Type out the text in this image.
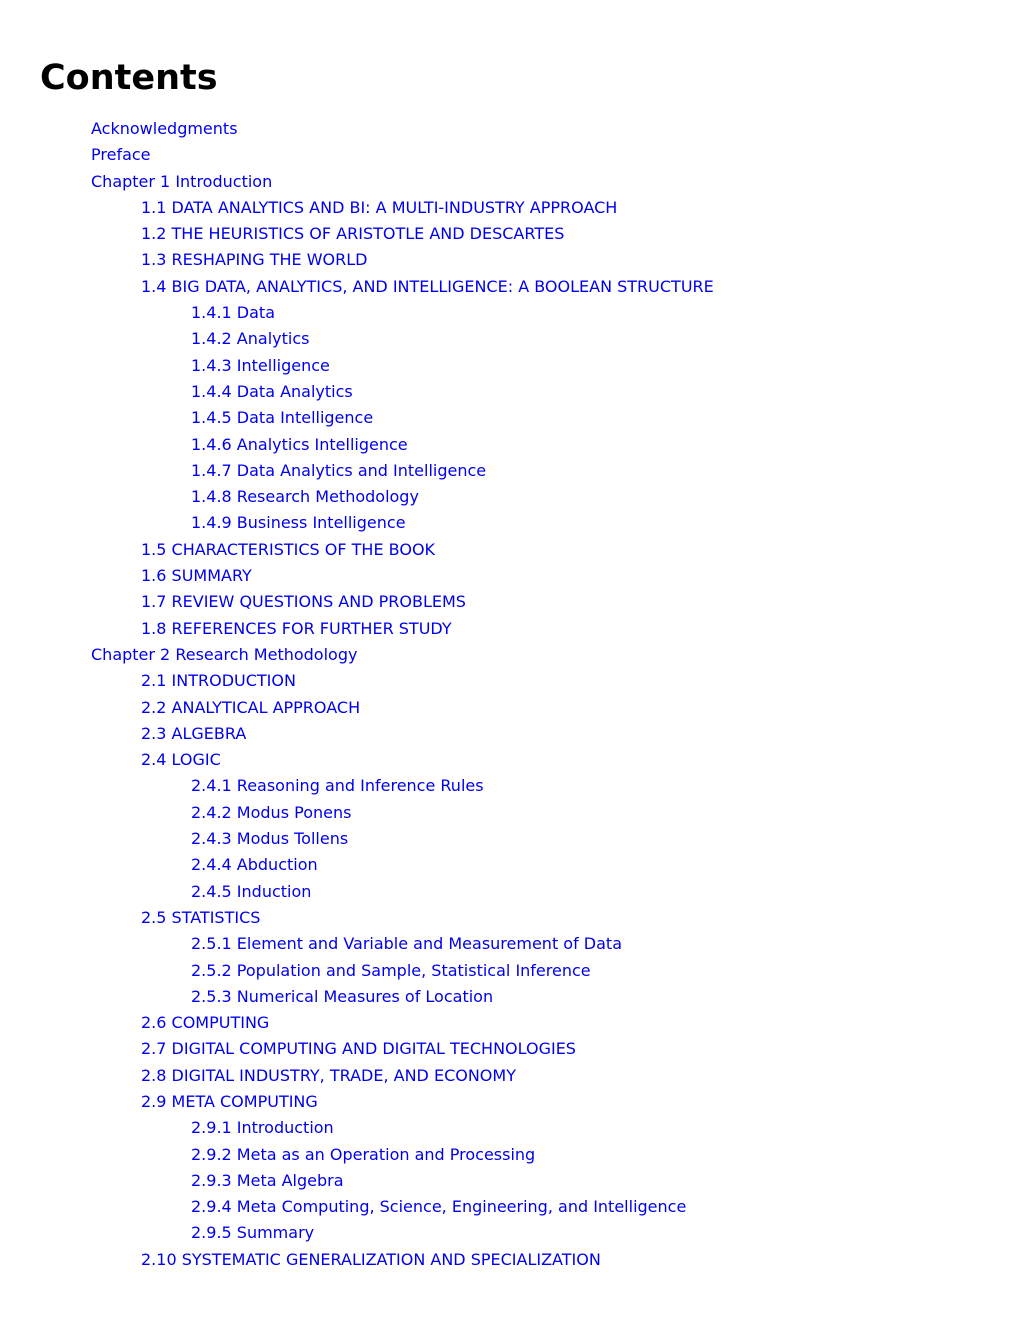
Contents
Acknowledgments
Preface
Chapter 1 Introduction
1.1 DATA ANALYTICS AND BI: A MULTI-INDUSTRY APPROACH
1.2 THE HEURISTICS OF ARISTOTLE AND DESCARTES
1.3 RESHAPING THE WORLD
1.4 BIG DATA, ANALYTICS, AND INTELLIGENCE: A BOOLEAN STRUCTURE
1.4.1 Data
1.4.2 Analytics
1.4.3 Intelligence
1.4.4 Data Analytics
1.4.5 Data Intelligence
1.4.6 Analytics Intelligence
1.4.7 Data Analytics and Intelligence
1.4.8 Research Methodology
1.4.9 Business Intelligence
1.5 CHARACTERISTICS OF THE BOOK
1.6 SUMMARY
1.7 REVIEW QUESTIONS AND PROBLEMS
1.8 REFERENCES FOR FURTHER STUDY
Chapter 2 Research Methodology
2.1 INTRODUCTION
2.2 ANALYTICAL APPROACH
2.3 ALGEBRA
2.4 LOGIC
2.4.1 Reasoning and Inference Rules
2.4.2 Modus Ponens
2.4.3 Modus Tollens
2.4.4 Abduction
2.4.5 Induction
2.5 STATISTICS
2.5.1 Element and Variable and Measurement of Data
2.5.2 Population and Sample, Statistical Inference
2.5.3 Numerical Measures of Location
2.6 COMPUTING
2.7 DIGITAL COMPUTING AND DIGITAL TECHNOLOGIES
2.8 DIGITAL INDUSTRY, TRADE, AND ECONOMY
2.9 META COMPUTING
2.9.1 Introduction
2.9.2 Meta as an Operation and Processing
2.9.3 Meta Algebra
2.9.4 Meta Computing, Science, Engineering, and Intelligence
2.9.5 Summary
2.10 SYSTEMATIC GENERALIZATION AND SPECIALIZATION
